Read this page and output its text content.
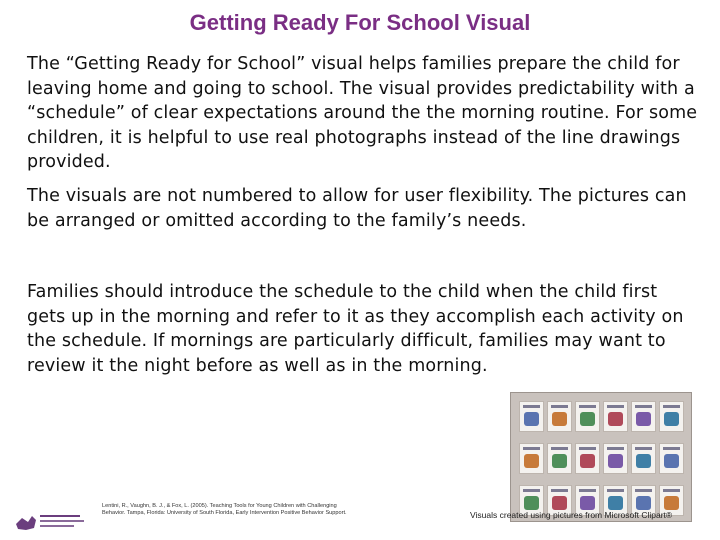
Getting Ready For School Visual

The “Getting Ready for School” visual helps families prepare the child for leaving home and going to school. The visual provides predictability with a “schedule” of clear expectations around the the morning routine. For some children, it is helpful to use real photographs instead of the line drawings provided.

The visuals are not numbered to allow for user flexibility. The pictures can be arranged or omitted according to the family’s needs.

Families should introduce the schedule to the child when the child first gets up in the morning and refer to it as they accomplish each activity on the schedule. If mornings are particularly difficult, families may want to review it the night before as well as in the morning.

Lentini, R., Vaughn, B. J., & Fox, L. (2005). Teaching Tools for Young Children with Challenging Behavior. Tampa, Florida: University of South Florida, Early Intervention Positive Behavior Support.	Visuals created using pictures from Microsoft Clipart®
